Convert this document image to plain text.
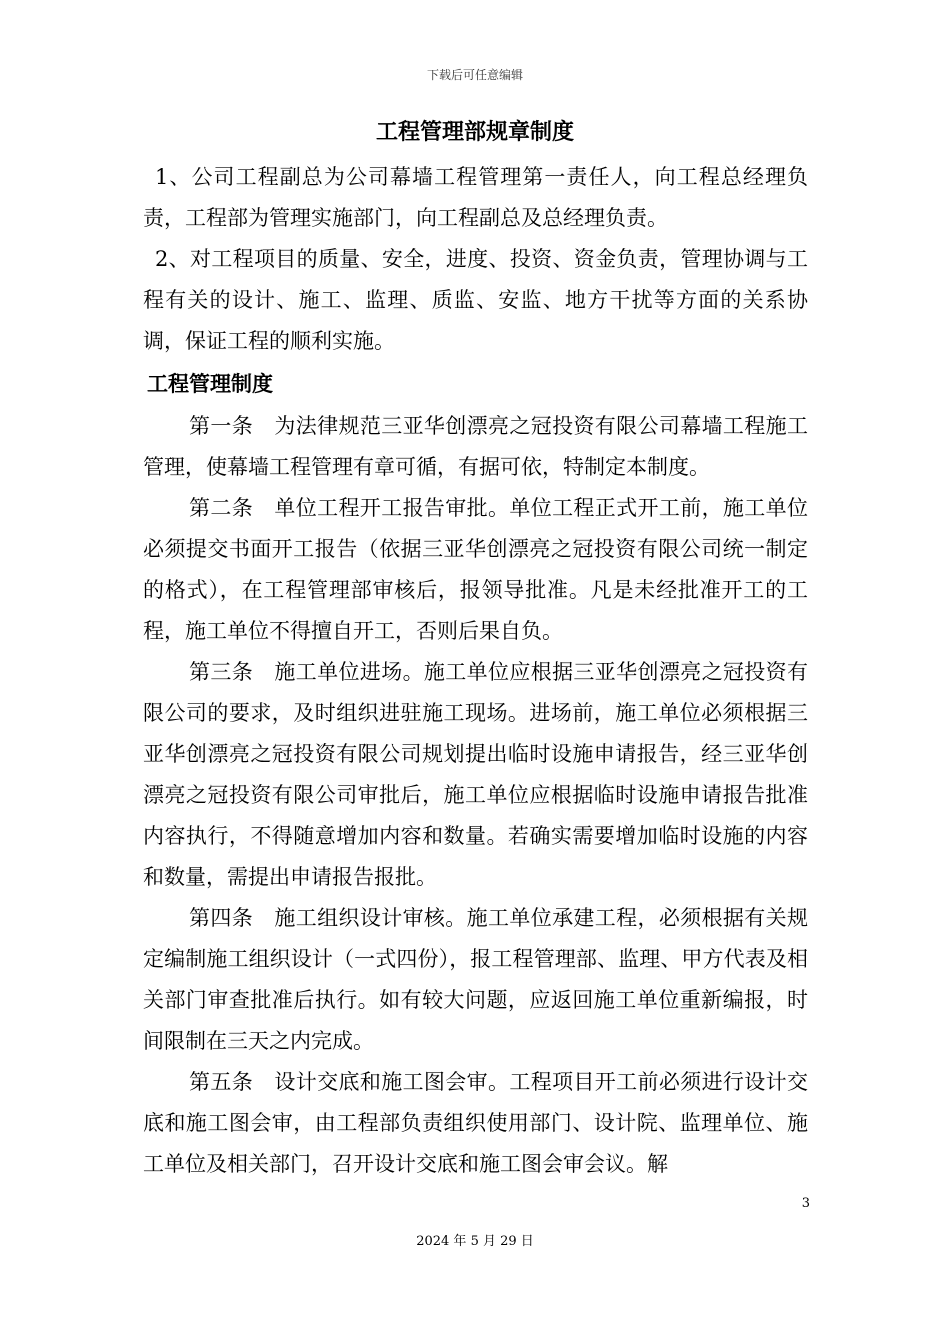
下载后可任意编辑
工程管理部规章制度

1、公司工程副总为公司幕墙工程管理第一责任人，向工程总经理负责，工程部为管理实施部门，向工程副总及总经理负责。

2、对工程项目的质量、安全，进度、投资、资金负责，管理协调与工程有关的设计、施工、监理、质监、安监、地方干扰等方面的关系协调，保证工程的顺利实施。

工程管理制度

第一条　为法律规范三亚华创漂亮之冠投资有限公司幕墙工程施工管理，使幕墙工程管理有章可循，有据可依，特制定本制度。

第二条　单位工程开工报告审批。单位工程正式开工前，施工单位必须提交书面开工报告（依据三亚华创漂亮之冠投资有限公司统一制定的格式），在工程管理部审核后，报领导批准。凡是未经批准开工的工程，施工单位不得擅自开工，否则后果自负。

第三条　施工单位进场。施工单位应根据三亚华创漂亮之冠投资有限公司的要求，及时组织进驻施工现场。进场前，施工单位必须根据三亚华创漂亮之冠投资有限公司规划提出临时设施申请报告，经三亚华创漂亮之冠投资有限公司审批后，施工单位应根据临时设施申请报告批准内容执行，不得随意增加内容和数量。若确实需要增加临时设施的内容和数量，需提出申请报告报批。

第四条　施工组织设计审核。施工单位承建工程，必须根据有关规定编制施工组织设计（一式四份），报工程管理部、监理、甲方代表及相关部门审查批准后执行。如有较大问题，应返回施工单位重新编报，时间限制在三天之内完成。

第五条　设计交底和施工图会审。工程项目开工前必须进行设计交底和施工图会审，由工程部负责组织使用部门、设计院、监理单位、施工单位及相关部门，召开设计交底和施工图会审会议。解

3
2024 年 5 月 29 日
